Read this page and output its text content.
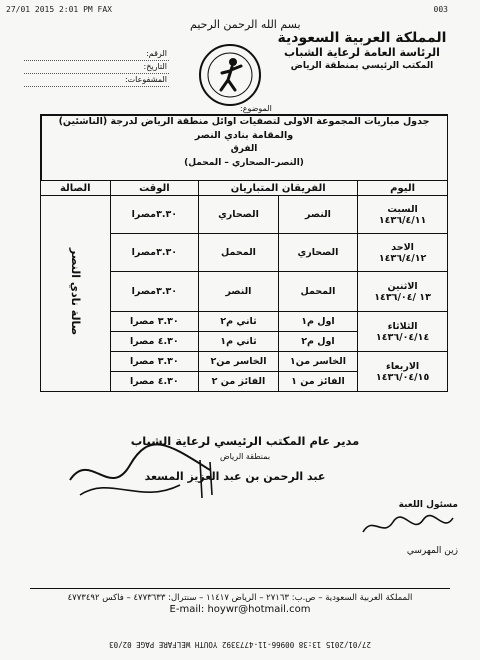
27/01 2015 2:01 PM FAX	003
بسم الله الرحمن الرحيم
المملكة العربية السعودية
الرئاسة العامة لرعاية الشباب
المكتب الرئيسي بمنطقة الرياض
الرقم:
التاريخ:
المشفوعات:
الموضوع:
جدول مباريات المجموعة الاولى لتصفيات اوائل منطقة الرياض لدرجة (الناشئين)
والمقامة بنادي النصر
الفرق
(النصر–الصحاري – المحمل)
اليوم	الفريقان المتباريان		الوقت	الصالة

السبت
١٤٣٦/٤/١١	النصر	الصحاري	٣.٣٠مصرا	صالة نادي النصر

الاحد
١٤٣٦/٤/١٢	الصحاري	المحمل	٣.٣٠مصرا	

الاثنين
١٣ /١٤٣٦/٠٤	المحمل	النصر	٣.٣٠مصرا	

الثلاثاء
١٤٣٦/٠٤/١٤	اول م١	ثاني م٢	٣.٣٠ مصرا	
	اول م٢	ثاني م١	٤.٣٠ مصرا	

الاربعاء
١٤٣٦/٠٤/١٥	الخاسر من١	الخاسر من٢	٣.٣٠ مصرا	
	الفائز من ١	الفائز من ٢	٤.٣٠ مصرا	
مسئول اللعبة
زين المهرسي
مدير عام المكتب الرئيسي لرعاية الشباب
بمنطقة الرياض
عبد الرحمن بن عبد العزيز المسعد
المملكة العربية السعودية – ص.ب: ٢٧١٦٣ – الرياض ١١٤١٧ – سنترال: ٤٧٧٣٦٣٣ – فاكس ٤٧٧٣٤٩٢
E-mail: hoywr@hotmail.com
27/01/2015 13:38 00966-11-4773392 YOUTH WELFARE PAGE 02/03
